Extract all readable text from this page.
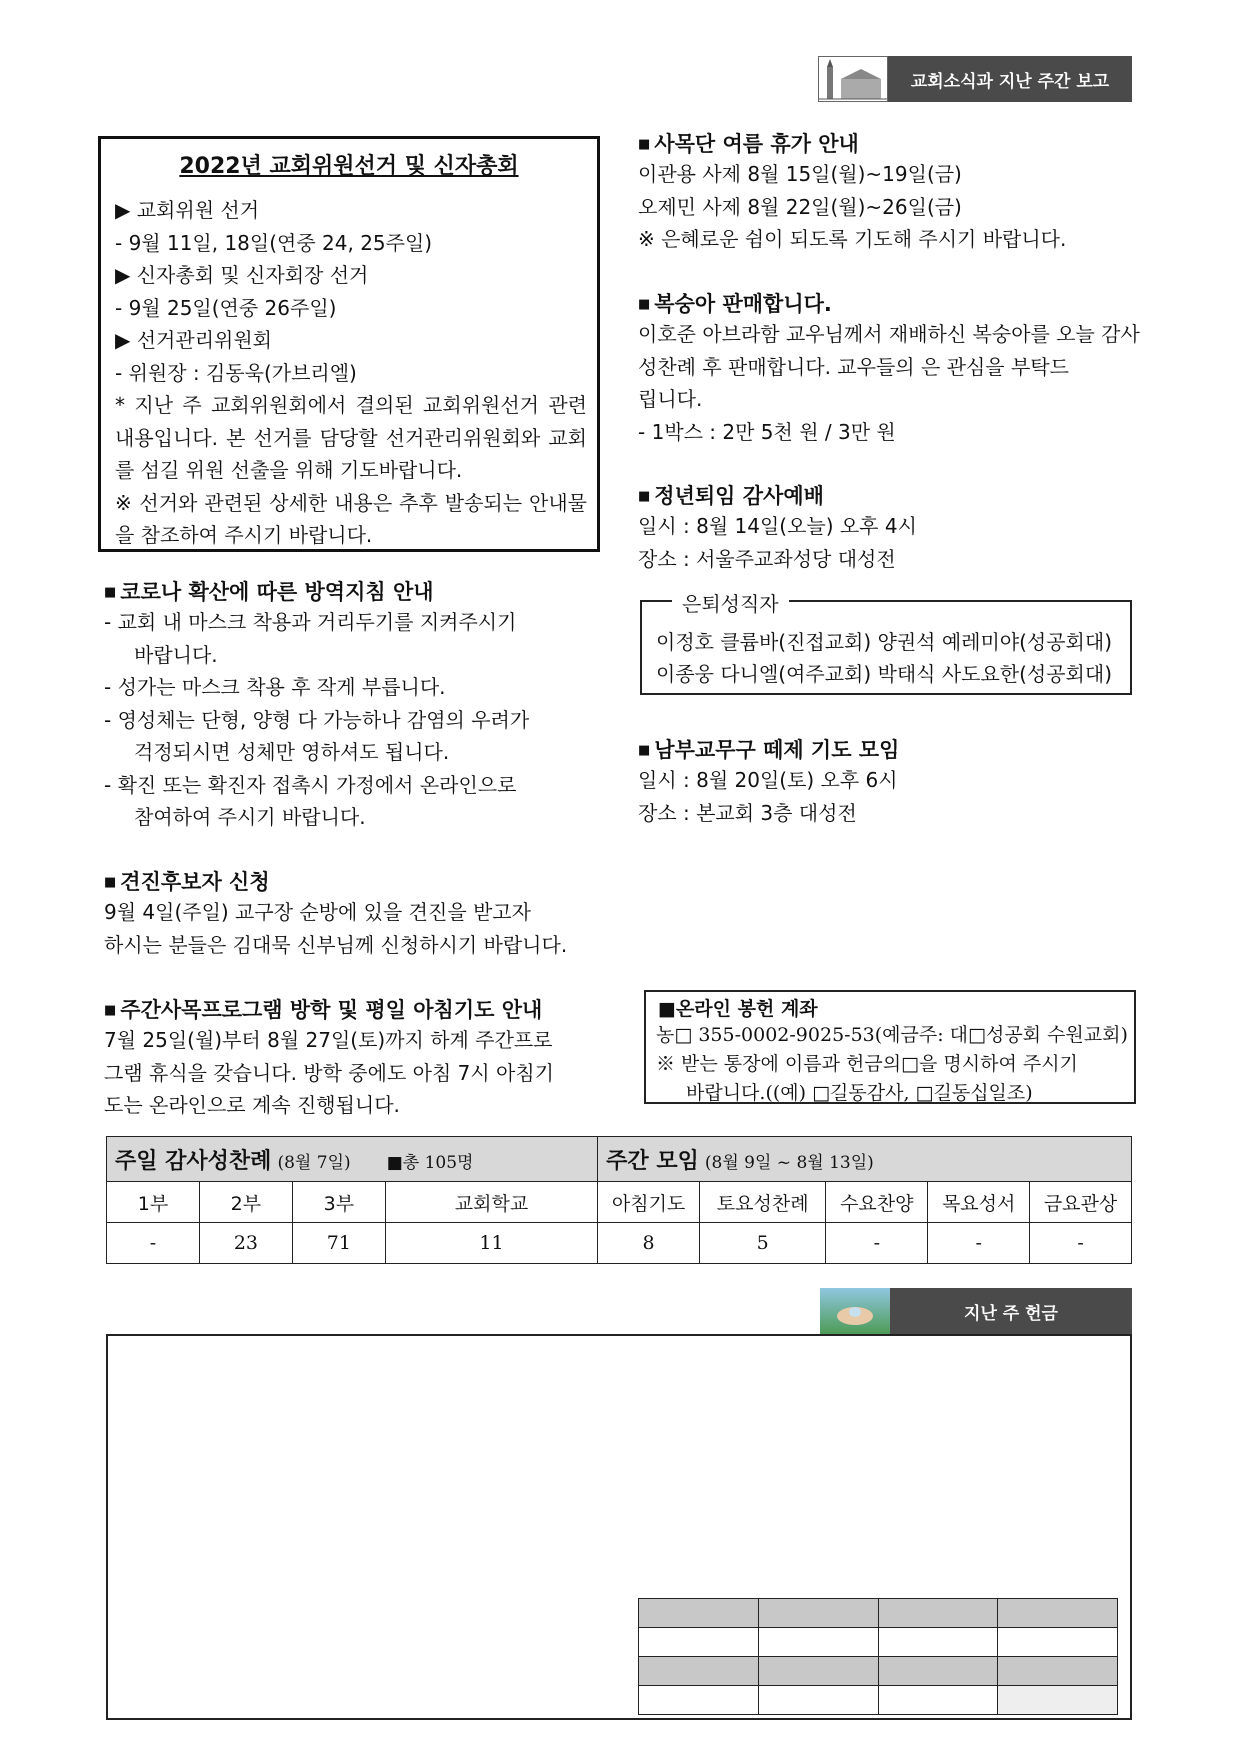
교회소식과 지난 주간 보고
2022년 교회위원선거 및 신자총회
▶ 교회위원 선거
- 9월 11일, 18일(연중 24, 25주일)
▶ 신자총회 및 신자회장 선거
- 9월 25일(연중 26주일)
▶ 선거관리위원회
- 위원장 : 김동욱(가브리엘)
* 지난 주 교회위원회에서 결의된 교회위원선거 관련 내용입니다. 본 선거를 담당할 선거관리위원회와 교회를 섬길 위원 선출을 위해 기도바랍니다.
※ 선거와 관련된 상세한 내용은 추후 발송되는 안내물을 참조하여 주시기 바랍니다.
■ 코로나 확산에 따른 방역지침 안내
- 교회 내 마스크 착용과 거리두기를 지켜주시기
바랍니다.
- 성가는 마스크 착용 후 작게 부릅니다.
- 영성체는 단형, 양형 다 가능하나 감염의 우려가
걱정되시면 성체만 영하셔도 됩니다.
- 확진 또는 확진자 접촉시 가정에서 온라인으로
참여하여 주시기 바랍니다.
■ 견진후보자 신청
9월 4일(주일) 교구장 순방에 있을 견진을 받고자
하시는 분들은 김대묵 신부님께 신청하시기 바랍니다.
■ 주간사목프로그램 방학 및 평일 아침기도 안내
7월 25일(월)부터 8월 27일(토)까지 하계 주간프로
그램 휴식을 갖습니다. 방학 중에도 아침 7시 아침기
도는 온라인으로 계속 진행됩니다.
■ 사목단 여름 휴가 안내
이관용 사제 8월 15일(월)~19일(금)
오제민 사제 8월 22일(월)~26일(금)
※ 은혜로운 쉼이 되도록 기도해 주시기 바랍니다.
■ 복숭아 판매합니다.
이호준 아브라함 교우님께서 재배하신 복숭아를 오늘 감사
성찬례 후 판매합니다. 교우들의 은 관심을 부탁드
립니다.
- 1박스 : 2만 5천 원 / 3만 원
■ 정년퇴임 감사예배
일시 : 8월 14일(오늘) 오후 4시
장소 : 서울주교좌성당 대성전
은퇴성직자
이정호 클륨바(진접교회) 양권석 예레미야(성공회대)
이종웅 다니엘(여주교회) 박태식 사도요한(성공회대)
■ 남부교무구 떼제 기도 모임
일시 : 8월 20일(토) 오후 6시
장소 : 본교회 3층 대성전
■온라인 봉헌 계좌
농□ 355-0002-9025-53(예금주: 대□성공회 수원교회)
※ 받는 통장에 이름과 헌금의□을 명시하여 주시기
바랍니다.((예) □길동감사, □길동십일조)
주일 감사성찬례 (8월 7일) ■총 105명				주간 모임 (8월 9일 ~ 8월 13일)				
1부	2부	3부	교회학교	아침기도	토요성찬례	수요찬양	목요성서	금요관상
-	23	71	11	8	5	-	-	-
지난 주 헌금
